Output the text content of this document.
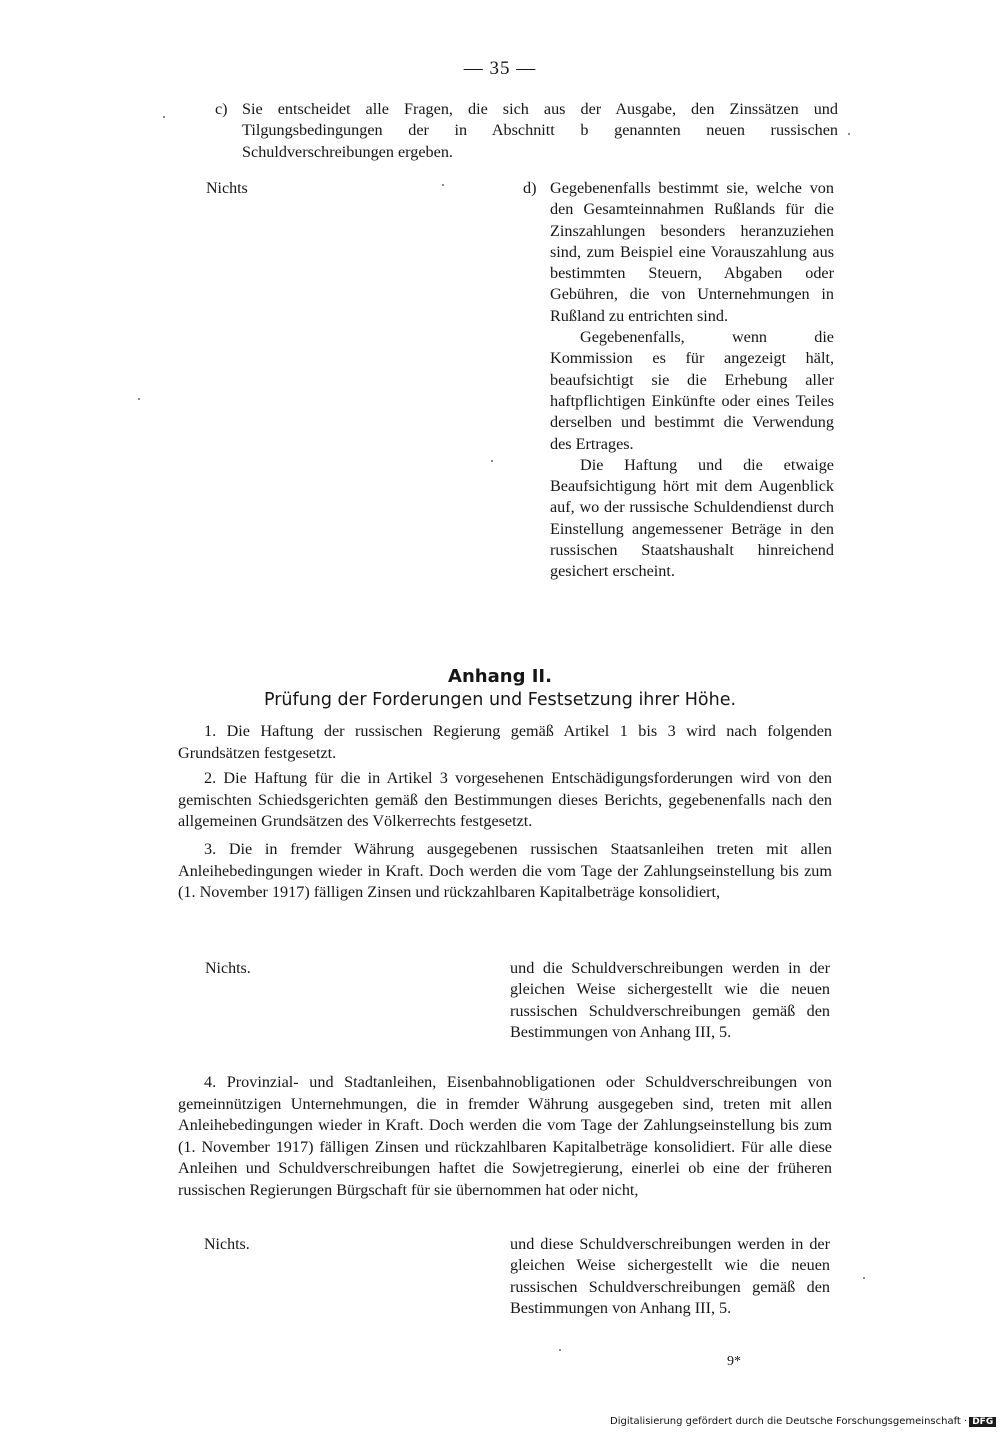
— 35 —
c) Sie entscheidet alle Fragen, die sich aus der Ausgabe, den Zinssätzen und Tilgungsbedingungen der in Abschnitt b genannten neuen russischen Schuldverschreibungen ergeben.
Nichts	d) Gegebenenfalls bestimmt sie, welche von den Gesamteinnahmen Rußlands für die Zinszahlungen besonders heranzuziehen sind, zum Beispiel eine Vorauszahlung aus bestimmten Steuern, Abgaben oder Gebühren, die von Unternehmungen in Rußland zu entrichten sind.
Gegebenenfalls, wenn die Kommission es für angezeigt hält, beaufsichtigt sie die Erhebung aller haftpflichtigen Einkünfte oder eines Teiles derselben und bestimmt die Verwendung des Ertrages.
Die Haftung und die etwaige Beaufsichtigung hört mit dem Augenblick auf, wo der russische Schuldendienst durch Einstellung angemessener Beträge in den russischen Staatshaushalt hinreichend gesichert erscheint.
Anhang II.
Prüfung der Forderungen und Festsetzung ihrer Höhe.
1. Die Haftung der russischen Regierung gemäß Artikel 1 bis 3 wird nach folgenden Grundsätzen festgesetzt.
2. Die Haftung für die in Artikel 3 vorgesehenen Entschädigungsforderungen wird von den gemischten Schiedsgerichten gemäß den Bestimmungen dieses Berichts, gegebenenfalls nach den allgemeinen Grundsätzen des Völkerrechts festgesetzt.
3. Die in fremder Währung ausgegebenen russischen Staatsanleihen treten mit allen Anleihebedingungen wieder in Kraft. Doch werden die vom Tage der Zahlungseinstellung bis zum (1. November 1917) fälligen Zinsen und rückzahlbaren Kapitalbeträge konsolidiert,
Nichts.	und die Schuldverschreibungen werden in der gleichen Weise sichergestellt wie die neuen russischen Schuldverschreibungen gemäß den Bestimmungen von Anhang III, 5.
4. Provinzial- und Stadtanleihen, Eisenbahnobligationen oder Schuldverschreibungen von gemeinnützigen Unternehmungen, die in fremder Währung ausgegeben sind, treten mit allen Anleihebedingungen wieder in Kraft. Doch werden die vom Tage der Zahlungseinstellung bis zum (1. November 1917) fälligen Zinsen und rückzahlbaren Kapitalbeträge konsolidiert. Für alle diese Anleihen und Schuldverschreibungen haftet die Sowjetregierung, einerlei ob eine der früheren russischen Regierungen Bürgschaft für sie übernommen hat oder nicht,
Nichts.	und diese Schuldverschreibungen werden in der gleichen Weise sichergestellt wie die neuen russischen Schuldverschreibungen gemäß den Bestimmungen von Anhang III, 5.
9*
Digitalisierung gefördert durch die Deutsche Forschungsgemeinschaft · DFG
